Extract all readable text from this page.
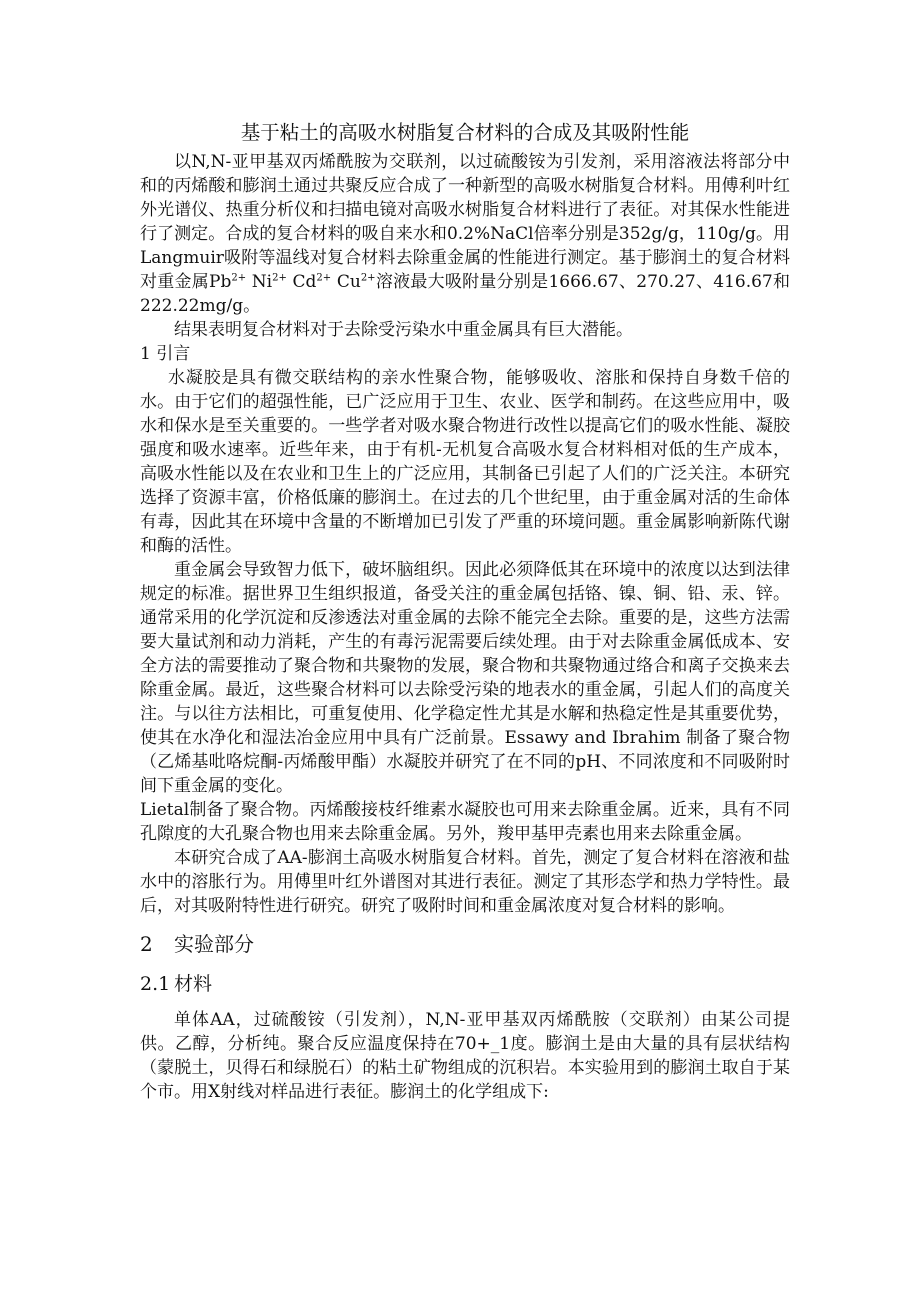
基于粘土的高吸水树脂复合材料的合成及其吸附性能

以N,N-亚甲基双丙烯酰胺为交联剂，以过硫酸铵为引发剂，采用溶液法将部分中和的丙烯酸和膨润土通过共聚反应合成了一种新型的高吸水树脂复合材料。用傅利叶红外光谱仪、热重分析仪和扫描电镜对高吸水树脂复合材料进行了表征。对其保水性能进行了测定。合成的复合材料的吸自来水和0.2%NaCl倍率分别是352g/g，110g/g。用Langmuir吸附等温线对复合材料去除重金属的性能进行测定。基于膨润土的复合材料对重金属$Pb^{2+}$ $Ni^{2+}$ $Cd^{2+}$ $Cu^{2+}$溶液最大吸附量分别是1666.67、270.27、416.67和222.22mg/g。

结果表明复合材料对于去除受污染水中重金属具有巨大潜能。

1 引言

水凝胶是具有微交联结构的亲水性聚合物，能够吸收、溶胀和保持自身数千倍的水。由于它们的超强性能，已广泛应用于卫生、农业、医学和制药。在这些应用中，吸水和保水是至关重要的。一些学者对吸水聚合物进行改性以提高它们的吸水性能、凝胶强度和吸水速率。近些年来，由于有机-无机复合高吸水复合材料相对低的生产成本，高吸水性能以及在农业和卫生上的广泛应用，其制备已引起了人们的广泛关注。本研究选择了资源丰富，价格低廉的膨润土。在过去的几个世纪里，由于重金属对活的生命体有毒，因此其在环境中含量的不断增加已引发了严重的环境问题。重金属影响新陈代谢和酶的活性。

重金属会导致智力低下，破坏脑组织。因此必须降低其在环境中的浓度以达到法律规定的标准。据世界卫生组织报道，备受关注的重金属包括铬、镍、铜、铅、汞、锌。通常采用的化学沉淀和反渗透法对重金属的去除不能完全去除。重要的是，这些方法需要大量试剂和动力消耗，产生的有毒污泥需要后续处理。由于对去除重金属低成本、安全方法的需要推动了聚合物和共聚物的发展，聚合物和共聚物通过络合和离子交换来去除重金属。最近，这些聚合材料可以去除受污染的地表水的重金属，引起人们的高度关注。与以往方法相比，可重复使用、化学稳定性尤其是水解和热稳定性是其重要优势，使其在水净化和湿法冶金应用中具有广泛前景。Essawy and Ibrahim 制备了聚合物（乙烯基吡咯烷酮-丙烯酸甲酯）水凝胶并研究了在不同的pH、不同浓度和不同吸附时间下重金属的变化。

Lietal制备了聚合物。丙烯酸接枝纤维素水凝胶也可用来去除重金属。近来，具有不同孔隙度的大孔聚合物也用来去除重金属。另外，羧甲基甲壳素也用来去除重金属。

本研究合成了AA-膨润土高吸水树脂复合材料。首先，测定了复合材料在溶液和盐水中的溶胀行为。用傅里叶红外谱图对其进行表征。测定了其形态学和热力学特性。最后，对其吸附特性进行研究。研究了吸附时间和重金属浓度对复合材料的影响。

2 实验部分
2.1 材料

单体AA，过硫酸铵（引发剂），N,N-亚甲基双丙烯酰胺（交联剂）由某公司提供。乙醇，分析纯。聚合反应温度保持在70+_1度。膨润土是由大量的具有层状结构（蒙脱土，贝得石和绿脱石）的粘土矿物组成的沉积岩。本实验用到的膨润土取自于某个市。用X射线对样品进行表征。膨润土的化学组成下:
